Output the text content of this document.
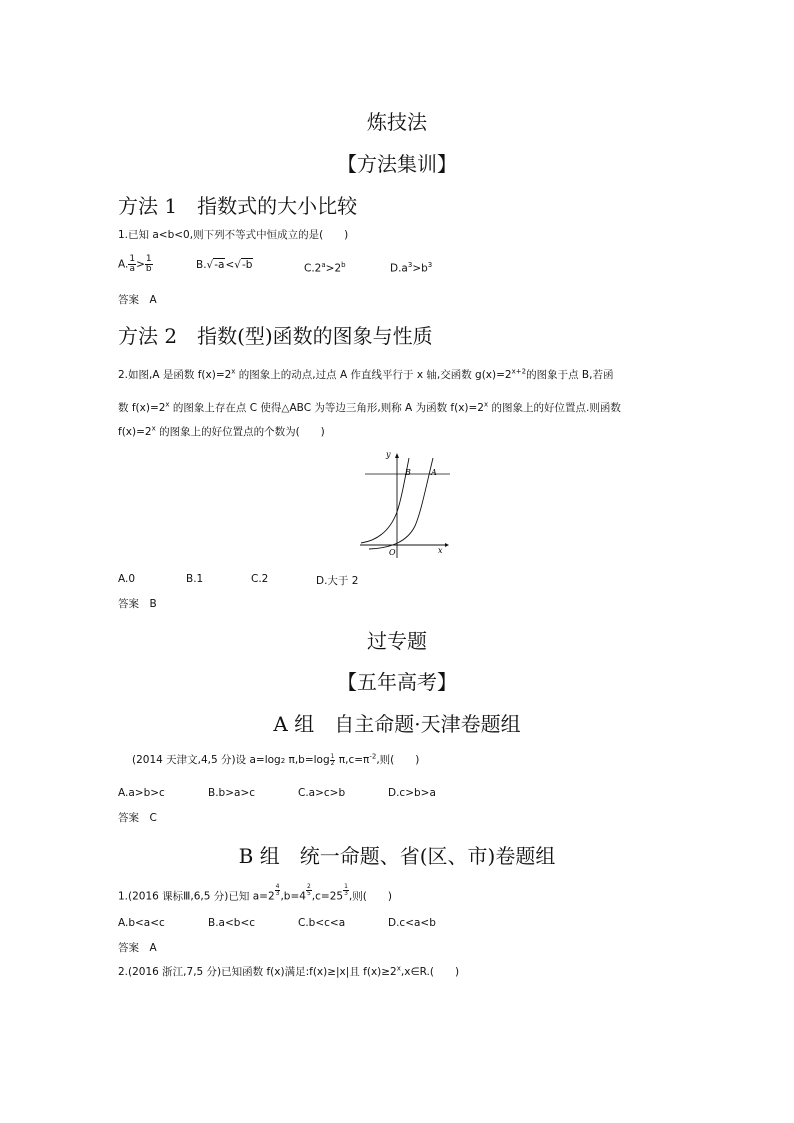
炼技法
【方法集训】
方法 1　指数式的大小比较
1.已知 a<b<0,则下列不等式中恒成立的是(　　)
A. $\frac{1}{a} > \frac{1}{b}$	B.√-a<√-b	$C.2^a>2^b$	$D.a^3>b^3$
答案　A
方法 2　指数(型)函数的图象与性质
2.如图,A 是函数 $f(x)=2^x$ 的图象上的动点,过点 A 作直线平行于 x 轴,交函数 $g(x)=2^{x+2}$的图象于点 B,若函
数 $f(x)=2^x$ 的图象上存在点 C 使得△ABC 为等边三角形,则称 A 为函数 $f(x)=2^x$ 的图象上的好位置点.则函数
$f(x)=2^x$ 的图象上的好位置点的个数为(　　)
y
x
O
B	A
A.0	B.1	C.2	D.大于 2
答案　B
过专题
【五年高考】
A 组　自主命题·天津卷题组
(2014 天津文,4,5 分)设 a=log2 $\pi,b=\log \frac{1}{2} \pi,c=\pi^{-2}$,则(　　)
A.a>b>c	B.b>a>c	C.a>c>b	D.c>b>a
答案　C
B 组　统一命题、省(区、市)卷题组
1.(2016 课标Ⅲ,6,5 分)已知 $a=2 \frac{4}{3} ,b=4 \frac{2}{5} ,c=25 \frac{1}{3}$ ,则(　　)
A.b<a<c	B.a<b<c	C.b<c<a	D.c<a<b
答案　A
2.(2016 浙江,7,5 分)已知函数 f(x)满足:f(x)≥|x|且 $f(x)\ge 2^x,x\in R$.(　　)
